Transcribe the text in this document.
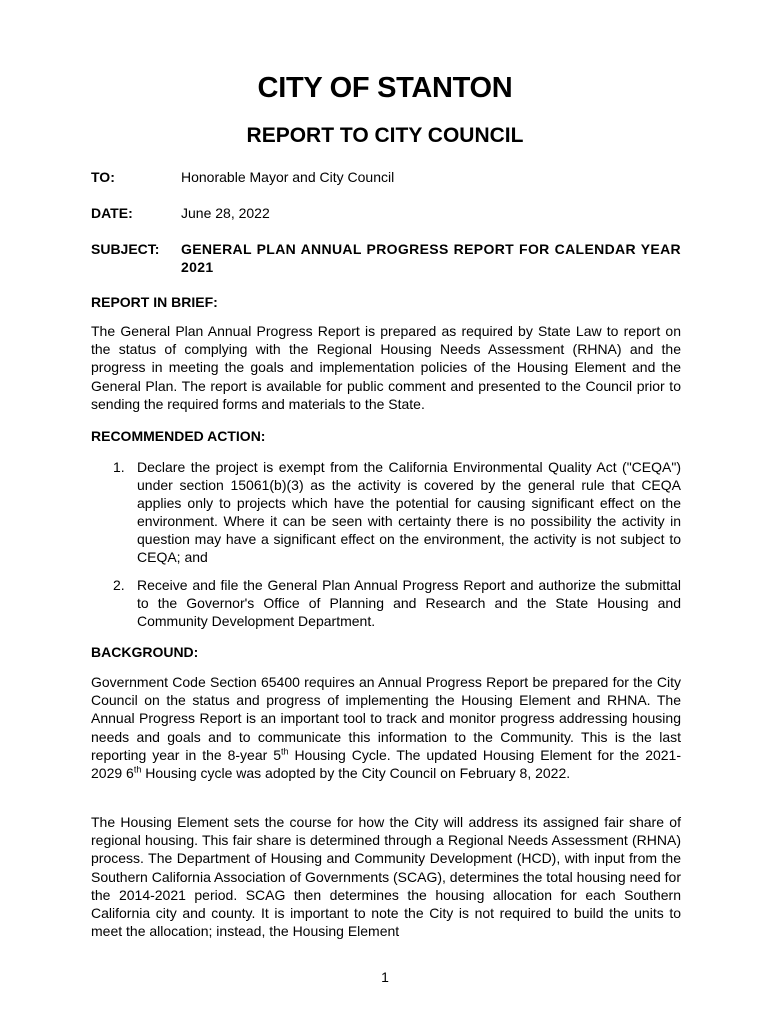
CITY OF STANTON
REPORT TO CITY COUNCIL
TO:	Honorable Mayor and City Council
DATE:	June 28, 2022
SUBJECT: GENERAL PLAN ANNUAL PROGRESS REPORT FOR CALENDAR YEAR 2021
REPORT IN BRIEF:

The General Plan Annual Progress Report is prepared as required by State Law to report on the status of complying with the Regional Housing Needs Assessment (RHNA) and the progress in meeting the goals and implementation policies of the Housing Element and the General Plan. The report is available for public comment and presented to the Council prior to sending the required forms and materials to the State.

RECOMMENDED ACTION:
1. Declare the project is exempt from the California Environmental Quality Act ("CEQA") under section 15061(b)(3) as the activity is covered by the general rule that CEQA applies only to projects which have the potential for causing significant effect on the environment. Where it can be seen with certainty there is no possibility the activity in question may have a significant effect on the environment, the activity is not subject to CEQA; and
2. Receive and file the General Plan Annual Progress Report and authorize the submittal to the Governor's Office of Planning and Research and the State Housing and Community Development Department.
BACKGROUND:

Government Code Section 65400 requires an Annual Progress Report be prepared for the City Council on the status and progress of implementing the Housing Element and RHNA. The Annual Progress Report is an important tool to track and monitor progress addressing housing needs and goals and to communicate this information to the Community. This is the last reporting year in the 8-year 5th Housing Cycle. The updated Housing Element for the 2021-2029 6th Housing cycle was adopted by the City Council on February 8, 2022.

The Housing Element sets the course for how the City will address its assigned fair share of regional housing. This fair share is determined through a Regional Needs Assessment (RHNA) process. The Department of Housing and Community Development (HCD), with input from the Southern California Association of Governments (SCAG), determines the total housing need for the 2014-2021 period. SCAG then determines the housing allocation for each Southern California city and county. It is important to note the City is not required to build the units to meet the allocation; instead, the Housing Element

1
